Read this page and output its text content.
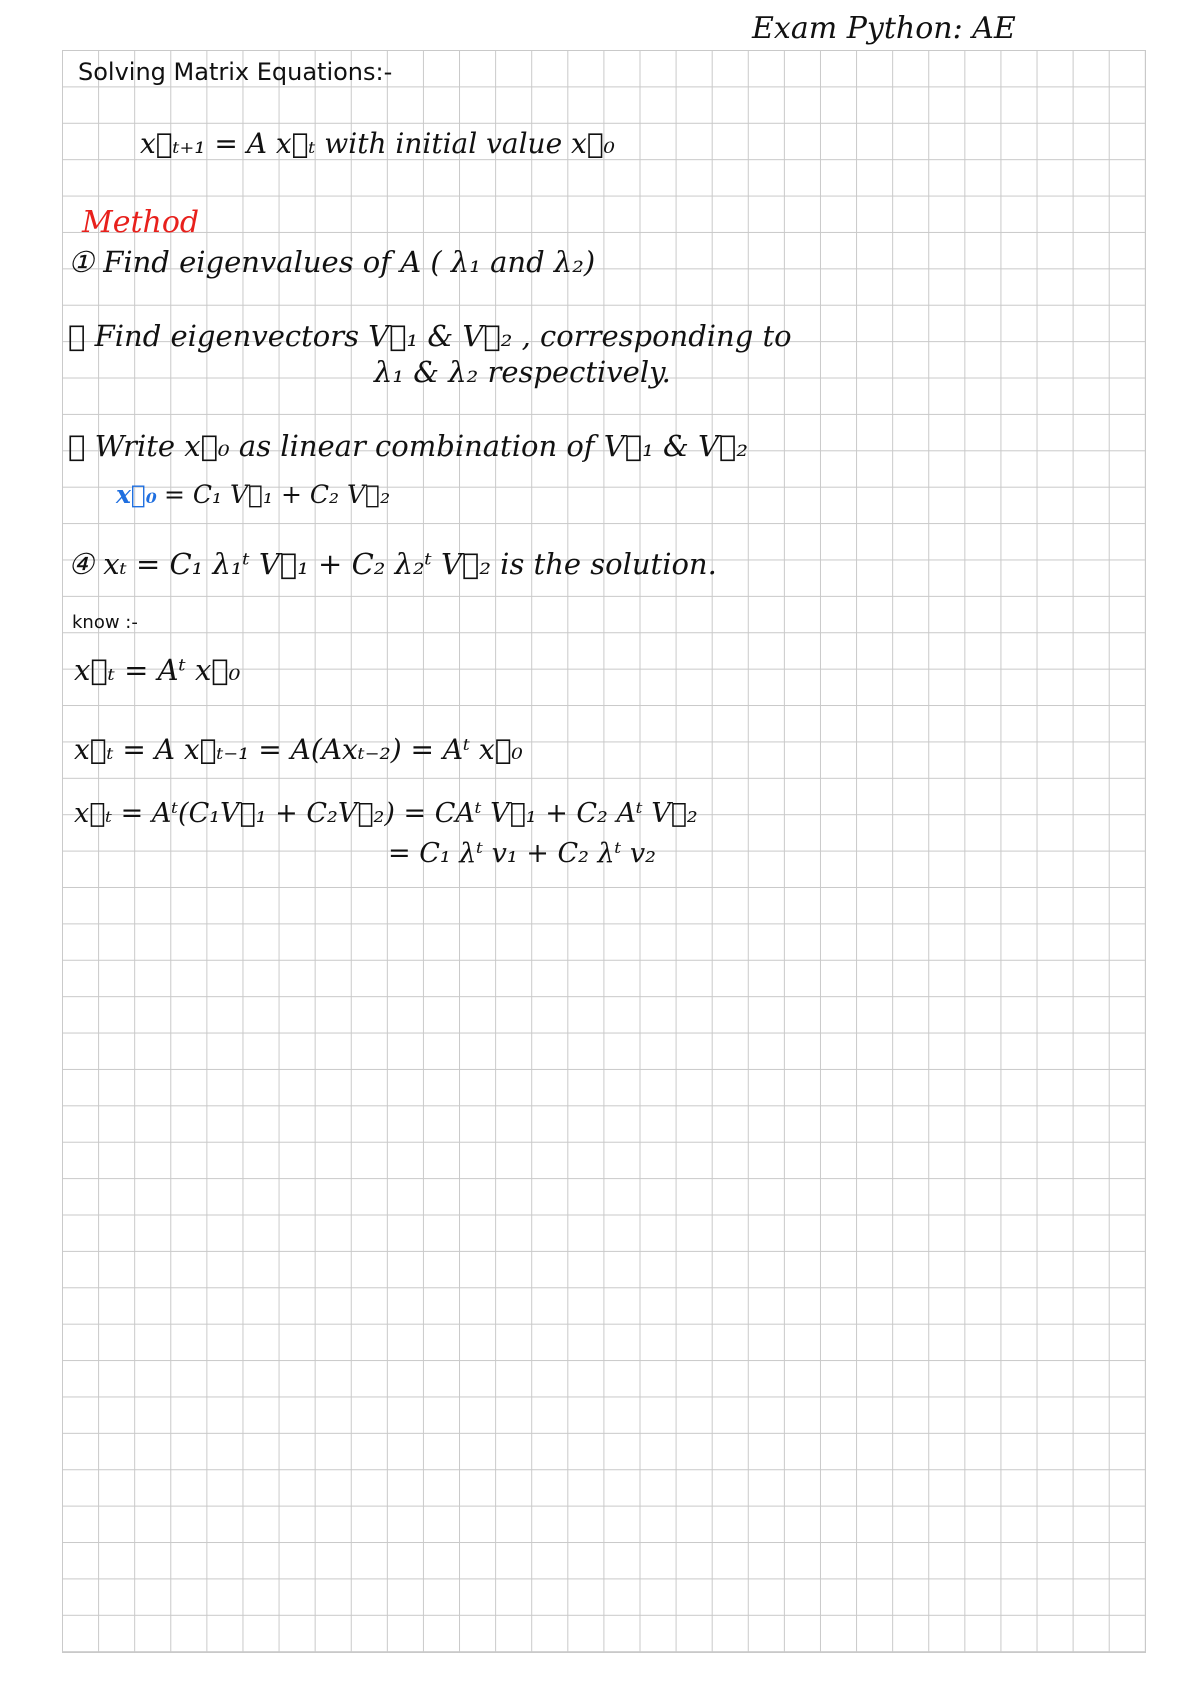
Exam Python: AE
Solving Matrix Equations:-
x⃗ₜ₊₁ = A x⃗ₜ with initial value x⃗₀
Method
① Find eigenvalues of A ( λ₁ and λ₂)
② Find eigenvectors V⃗₁ & V⃗₂ , corresponding to
λ₁ & λ₂ respectively.
③ Write x⃗₀ as linear combination of V⃗₁ & V⃗₂
x⃗₀ = C₁ V⃗₁ + C₂ V⃗₂
④ xₜ = C₁ λ₁ᵗ V⃗₁ + C₂ λ₂ᵗ V⃗₂ is the solution.
know :-
x⃗ₜ = Aᵗ x⃗₀
x⃗ₜ = A x⃗ₜ₋₁ = A(Axₜ₋₂) = Aᵗ x⃗₀
x⃗ₜ = Aᵗ(C₁V⃗₁ + C₂V⃗₂) = CAᵗ V⃗₁ + C₂ Aᵗ V⃗₂
= C₁ λᵗ v₁ + C₂ λᵗ v₂
